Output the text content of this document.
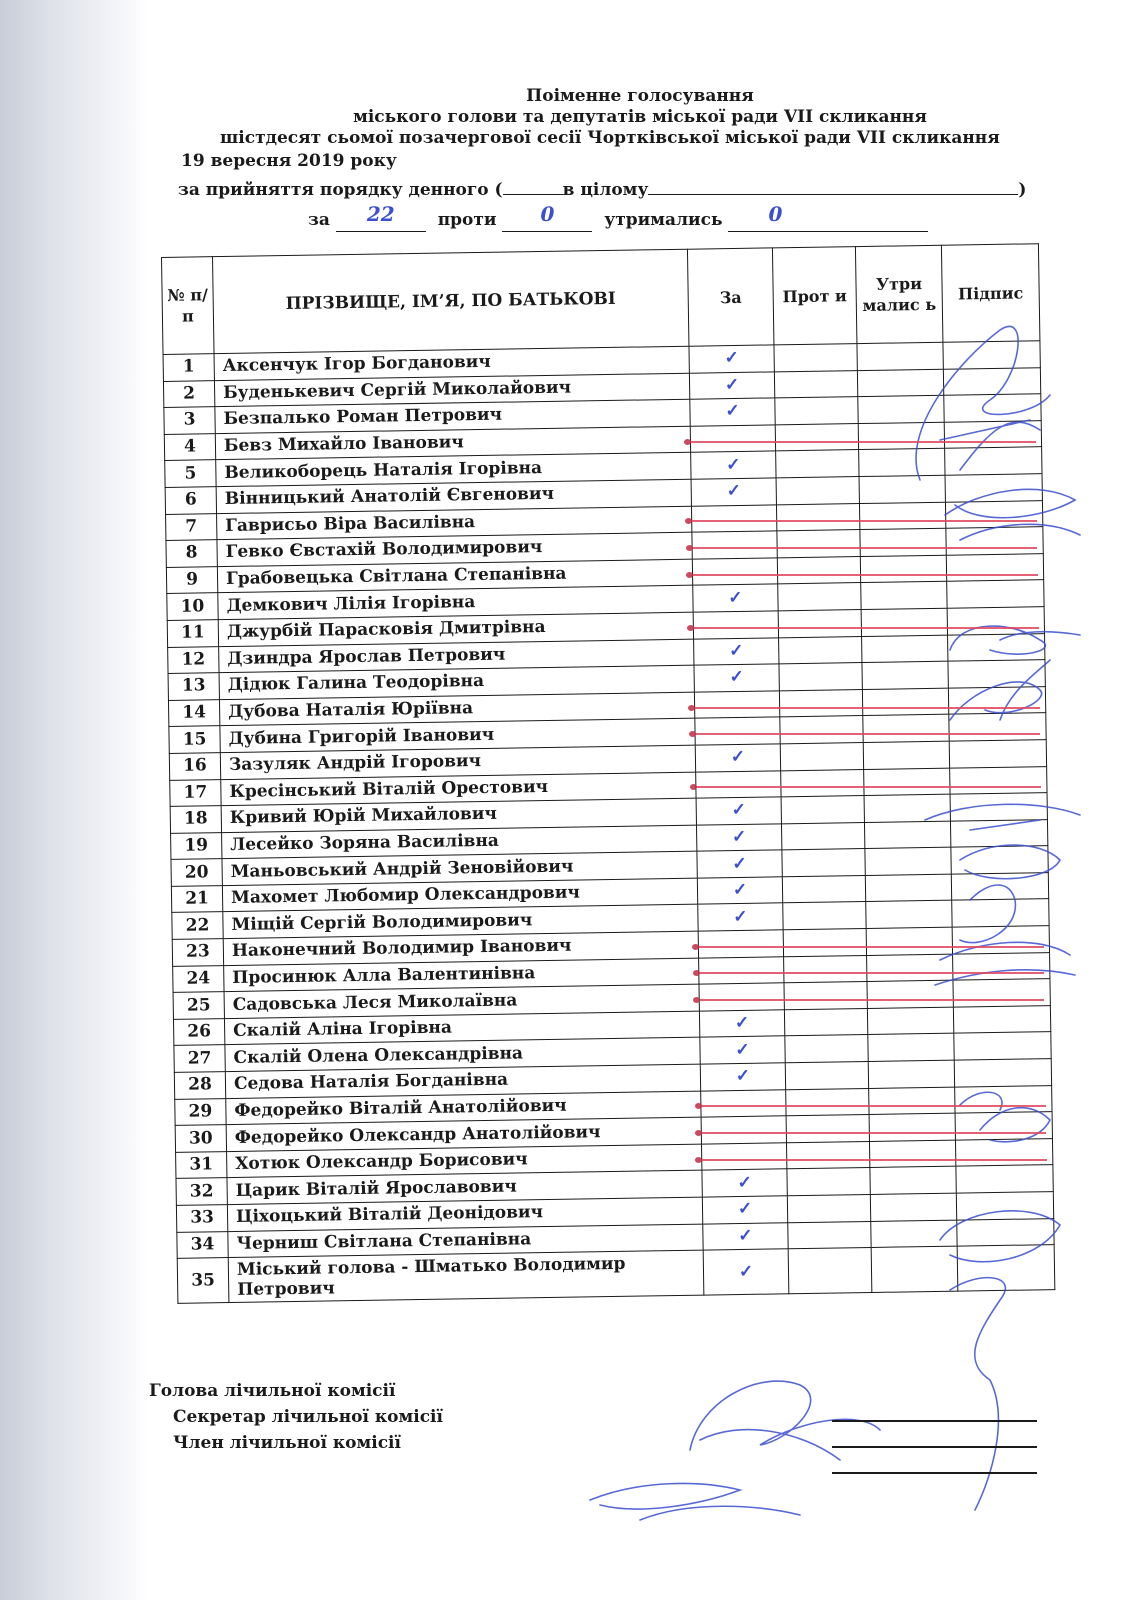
Поіменне голосування
міського голови та депутатів міської ради VII скликання
шістдесят сьомої позачергової сесії Чортківської міської ради VII скликання
19 вересня 2019 року
за прийняття порядку денного (	в цілому	)
за 22	проти 0	утримались 0
№ п/п	ПРІЗВИЩЕ, ІМ’Я, ПО БАТЬКОВІ	За	Прот и	Утри малис ь	Підпис
1	Аксенчук Ігор Богданович	✓			
2	Буденькевич Сергій Миколайович	✓			
3	Безпалько Роман Петрович	✓			
4	Бевз Михайло Іванович				
5	Великоборець Наталія Ігорівна	✓			
6	Вінницький Анатолій Євгенович	✓			
7	Гаврисьо Віра Василівна				
8	Гевко Євстахій Володимирович				
9	Грабовецька Світлана Степанівна				
10	Демкович Лілія Ігорівна	✓			
11	Джурбій Парасковія Дмитрівна				
12	Дзиндра Ярослав Петрович	✓			
13	Дідюк Галина Теодорівна	✓			
14	Дубова Наталія Юріївна				
15	Дубина Григорій Іванович				
16	Зазуляк Андрій Ігорович	✓			
17	Кресінський Віталій Орестович				
18	Кривий Юрій Михайлович	✓			
19	Лесейко Зоряна Василівна	✓			
20	Маньовський Андрій Зеновійович	✓			
21	Махомет Любомир Олександрович	✓			
22	Міщій Сергій Володимирович	✓			
23	Наконечний Володимир Іванович				
24	Просинюк Алла Валентинівна				
25	Садовська Леся Миколаївна				
26	Скалій Аліна Ігорівна	✓			
27	Скалій Олена Олександрівна	✓			
28	Седова Наталія Богданівна	✓			
29	Федорейко Віталій Анатолійович				
30	Федорейко Олександр Анатолійович				
31	Хотюк Олександр Борисович				
32	Царик Віталій Ярославович	✓			
33	Ціхоцький Віталій Деонідович	✓			
34	Черниш Світлана Степанівна	✓			
35	Міський голова - Шматько Володимир Петрович	✓			
Голова лічильної комісії
Секретар лічильної комісії
Член лічильної комісії
